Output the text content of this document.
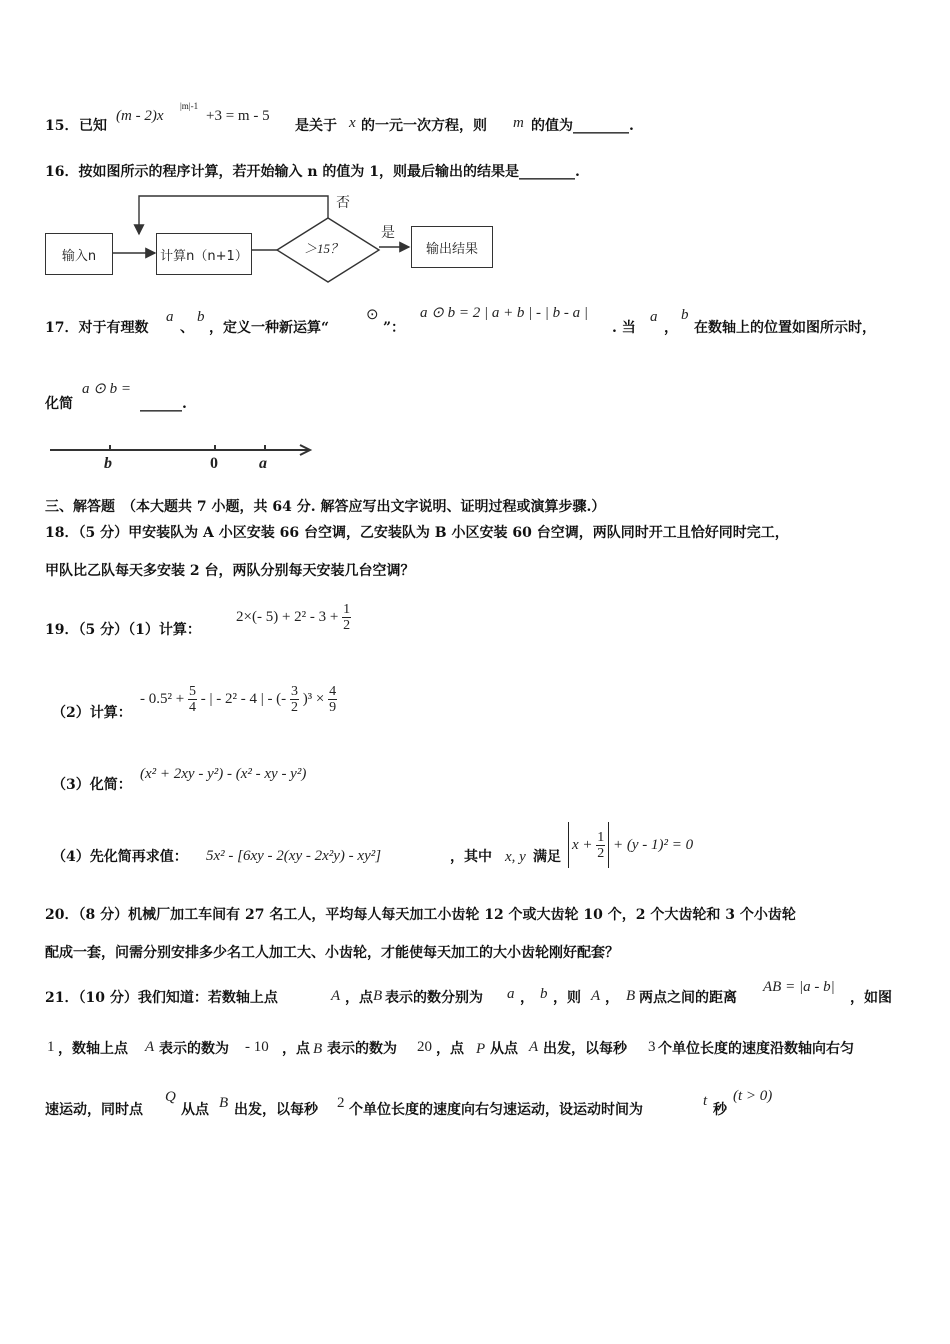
15． 已知
(m - 2)x
|m|-1
+3 = m - 5
是关于 x 的一元一次方程，则 m 的值为________.
16．按如图所示的程序计算，若开始输入 n 的值为 1，则最后输出的结果是________.
输入n	计算n（n+1）	＞15？	输出结果
否
是
17．对于有理数
a
、
b
，定义一种新运算“
⊙
”：
a ⊙ b = 2 | a + b | - | b - a |
. 当
a
，
b
在数轴上的位置如图所示时，
化简
a ⊙ b =
______.
b	0	a
三、解答题　（本大题共 7 小题，共 64 分. 解答应写出文字说明、证明过程或演算步骤.）
18．（5 分）甲安装队为 A 小区安装 66 台空调，乙安装队为 B 小区安装 60 台空调，两队同时开工且恰好同时完工，
甲队比乙队每天多安装 2 台，两队分别每天安装几台空调？
19．（5 分）（1）计算：
2×(- $5) + 2^2 - 3 + \frac{1}{2}$
（2）计算：
- $0.5^2 + \frac{5}{4}$ - | - 2² - 4 | - (- $\frac{3}{2} )^3 \times \frac{4}{9}$
（3）化简：
(x² + 2xy - y²) - (x² - xy - y²)
（4）先化简再求值： 5x² - [6xy - 2(xy - 2x²y) - xy²]	，其中 x, y 满足
$x + \frac{1}{2} + (y - 1)^2 = 0$
20．（8 分）机械厂加工车间有 27 名工人，平均每人每天加工小齿轮 12 个或大齿轮 10 个，2 个大齿轮和 3 个小齿轮
配成一套，问需分别安排多少名工人加工大、小齿轮，才能使每天加工的大小齿轮刚好配套？
21．（10 分）我们知道：若数轴上点	A ，点 B 表示的数分别为 a ， b ，则 A ， B 两点之间的距离
AB = |a - b|
，如图
1 ，数轴上点 A 表示的数为 - 10 ，点 B 表示的数为 20 ，点 P 从点 A 出发，以每秒 3 个单位长度的速度沿数轴向右匀
速运动，同时点
Q
从点 B 出发，以每秒 2 个单位长度的速度向右匀速运动，设运动时间为
t
秒
(t > 0)
